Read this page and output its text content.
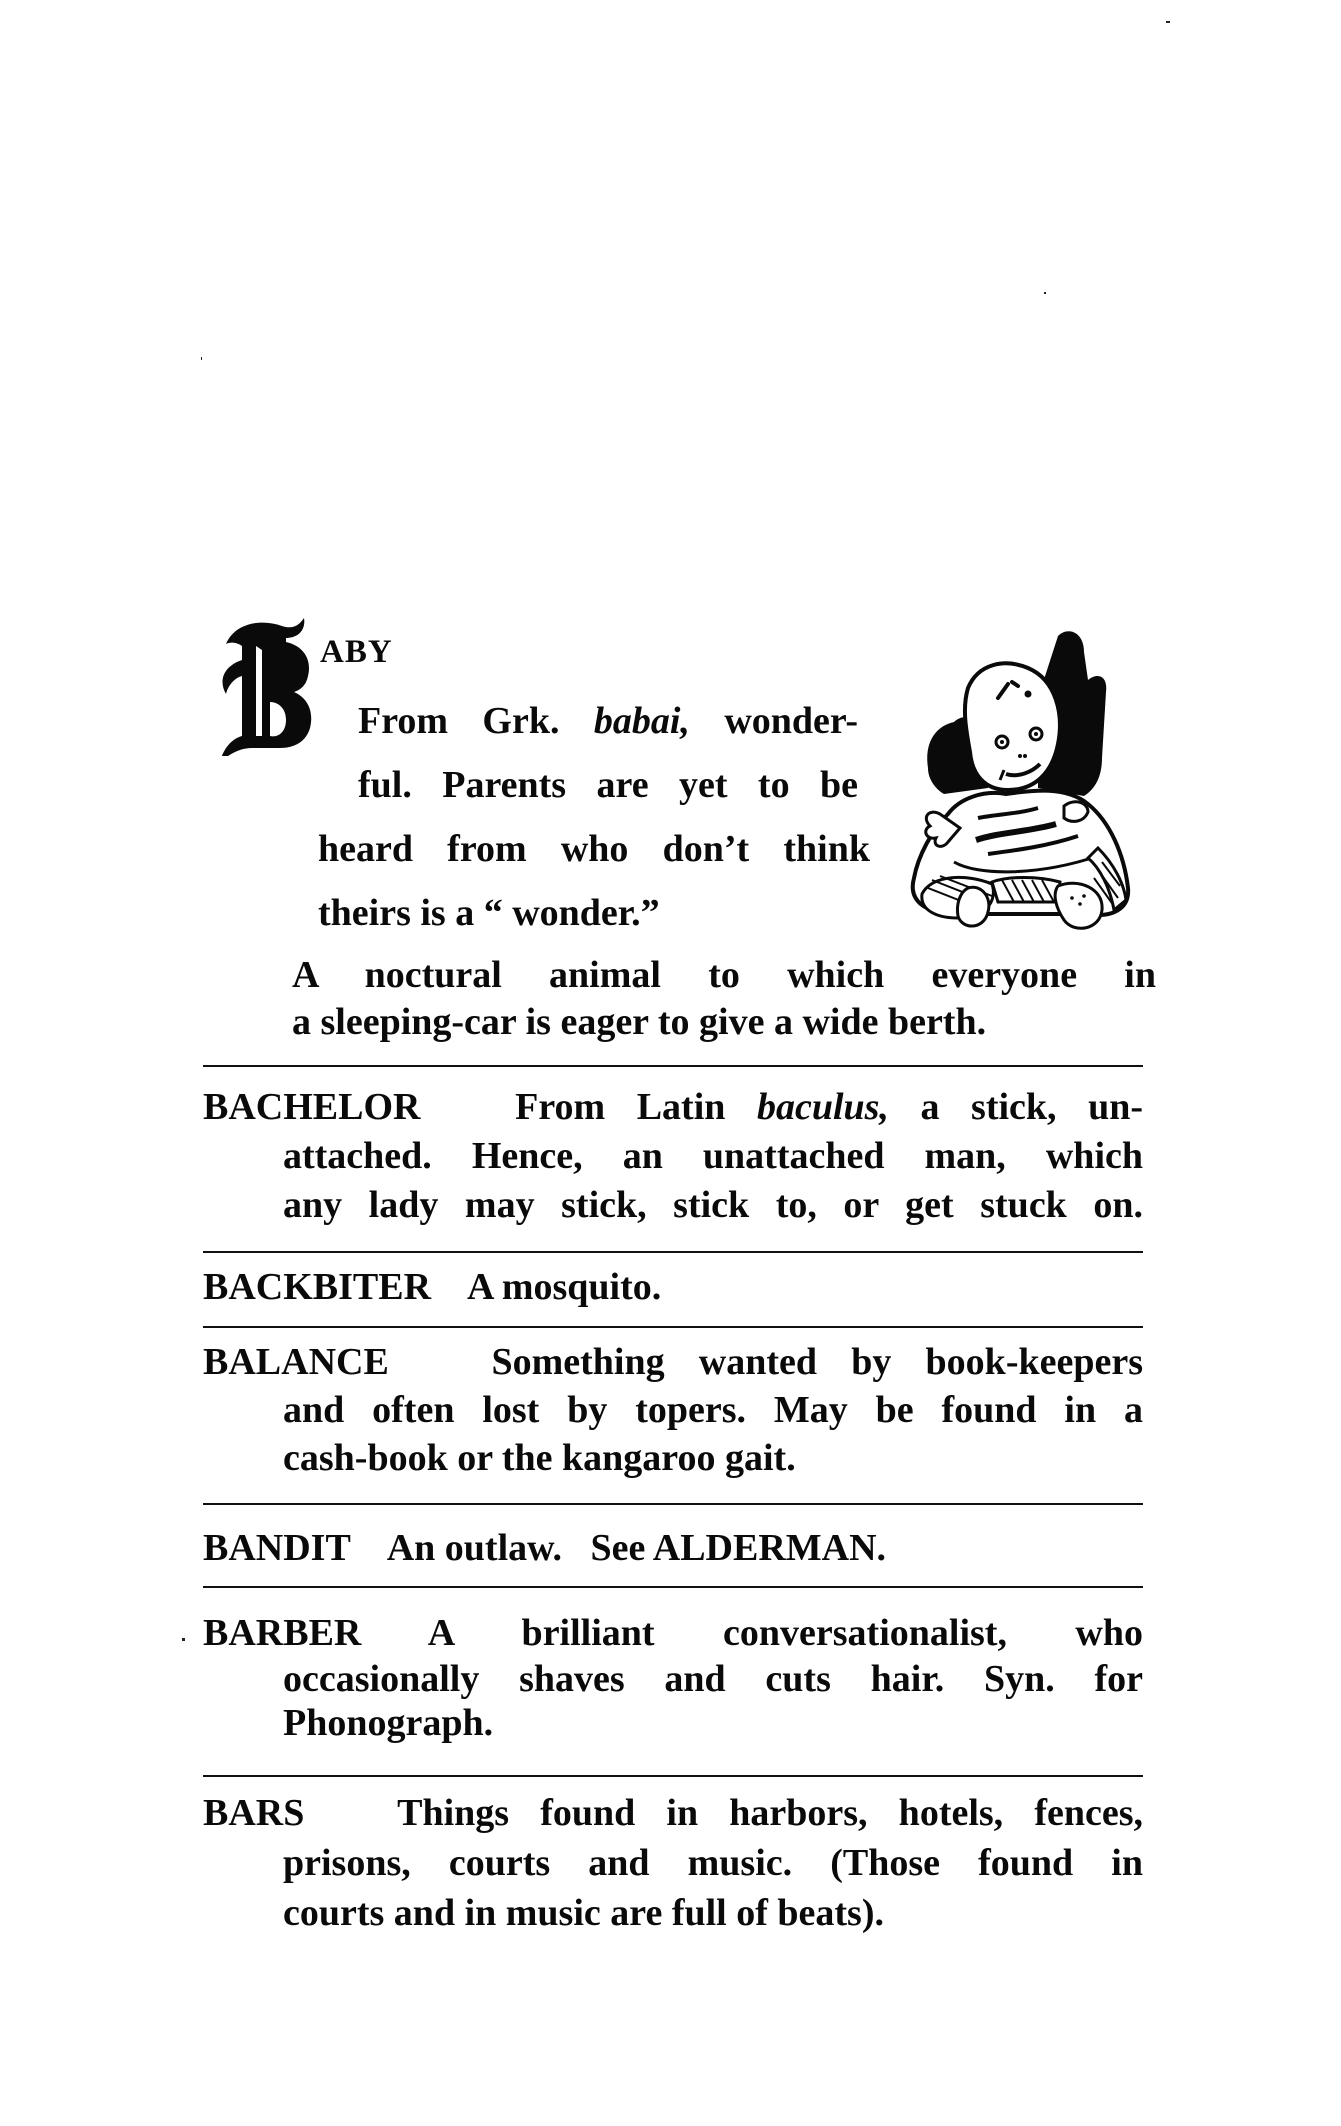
ABY
From Grk. babai, wonder-
ful. Parents are yet to be
heard from who don’t think
theirs is a “ wonder.”
A noctural animal to which everyone in
a sleeping-car is eager to give a wide berth.
BACHELOR From Latin baculus, a stick, un-
attached. Hence, an unattached man, which
any lady may stick, stick to, or get stuck on.
BACKBITER A mosquito.
BALANCE	Something wanted by book-keepers
and often lost by topers. May be found in a
cash-book or the kangaroo gait.
BANDIT An outlaw.   See ALDERMAN.
BARBER A brilliant conversationalist, who
occasionally shaves and cuts hair. Syn. for
Phonograph.
BARS Things found in harbors, hotels, fences,
prisons, courts and music. (Those found in
courts and in music are full of beats).
